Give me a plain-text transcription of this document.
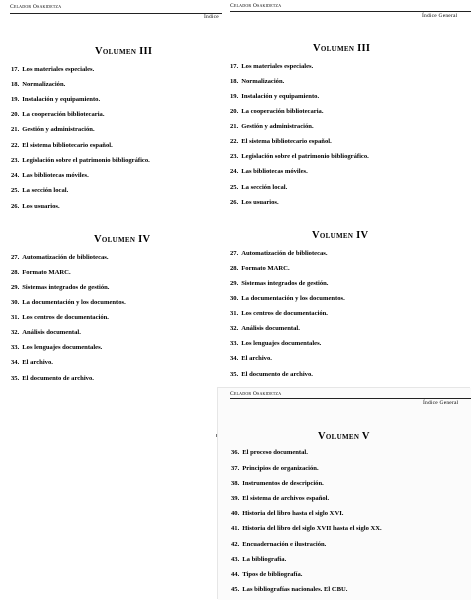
Celador Osakidetza
Índice
Volumen III
17. Los materiales especiales.
18. Normalización.
19. Instalación y equipamiento.
20. La cooperación bibliotecaria.
21. Gestión y administración.
22. El sistema bibliotecario español.
23. Legislación sobre el patrimonio bibliográfico.
24. Las bibliotecas móviles.
25. La sección local.
26. Los usuarios.
Volumen IV
27. Automatización de bibliotecas.
28. Formato MARC.
29. Sistemas integrados de gestión.
30. La documentación y los documentos.
31. Los centros de documentación.
32. Análisis documental.
33. Los lenguajes documentales.
34. El archivo.
35. El documento de archivo.
Celador Osakidetza
Índice General
Volumen III
17. Los materiales especiales.
18. Normalización.
19. Instalación y equipamiento.
20. La cooperación bibliotecaria.
21. Gestión y administración.
22. El sistema bibliotecario español.
23. Legislación sobre el patrimonio bibliográfico.
24. Las bibliotecas móviles.
25. La sección local.
26. Los usuarios.
Volumen IV
27. Automatización de bibliotecas.
28. Formato MARC.
29. Sistemas integrados de gestión.
30. La documentación y los documentos.
31. Los centros de documentación.
32. Análisis documental.
33. Los lenguajes documentales.
34. El archivo.
35. El documento de archivo.
Celador Osakidetza
Índice General
Volumen V
36. El proceso documental.
37. Principios de organización.
38. Instrumentos de descripción.
39. El sistema de archivos español.
40. Historia del libro hasta el siglo XVI.
41. Historia del libro del siglo XVII hasta el siglo XX.
42. Encuadernación e ilustración.
43. La bibliografía.
44. Tipos de bibliografía.
45. Las bibliografías nacionales. El CBU.
